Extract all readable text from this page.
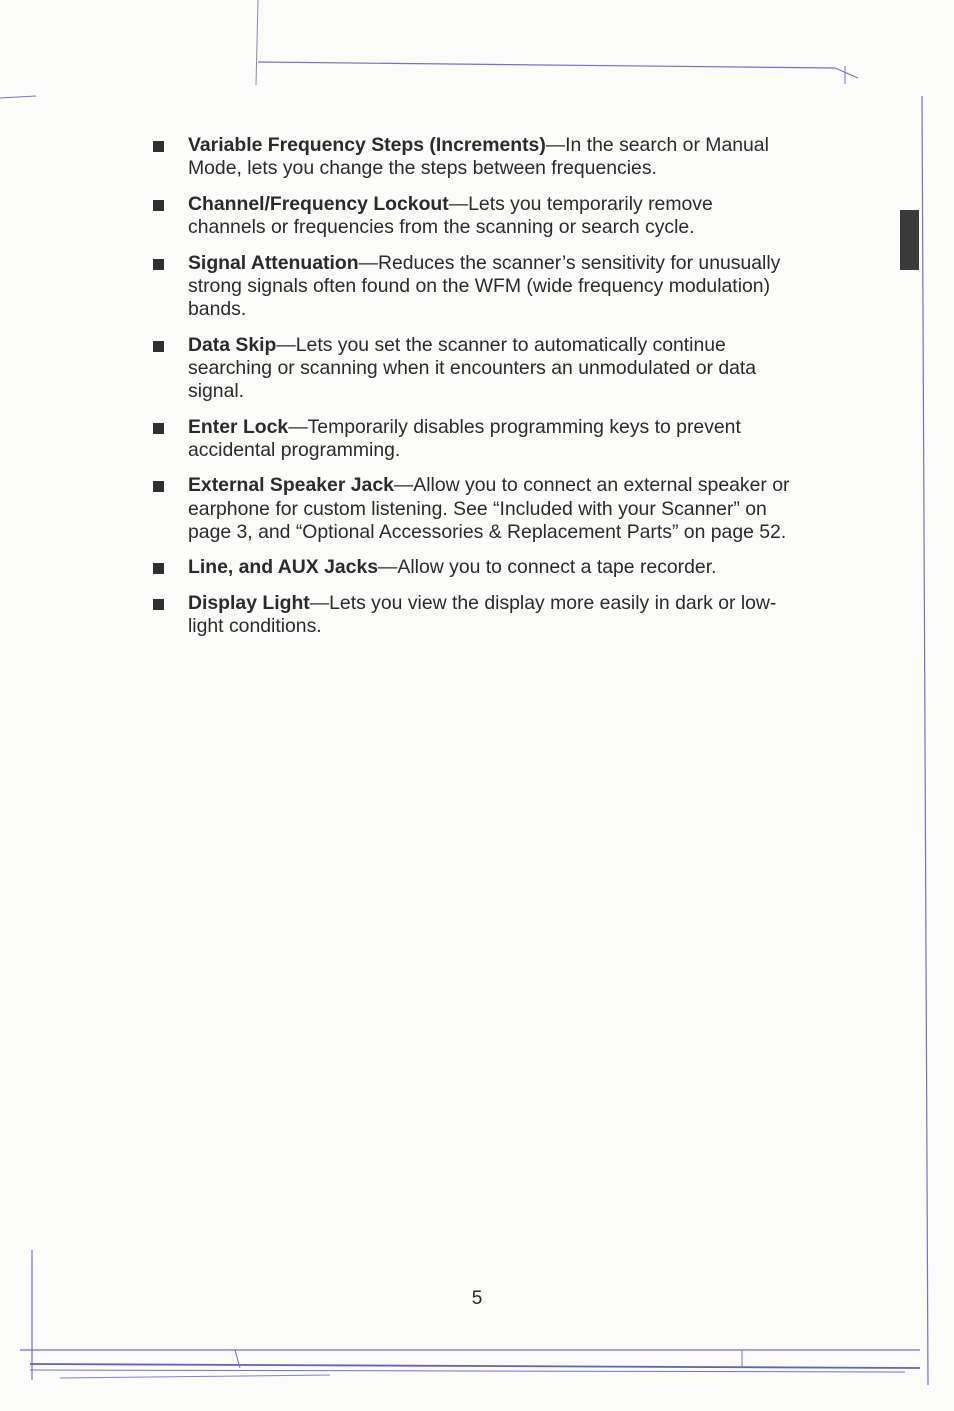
Variable Frequency Steps (Increments)—In the search or Manual Mode, lets you change the steps between frequencies.
Channel/Frequency Lockout—Lets you temporarily remove channels or frequencies from the scanning or search cycle.
Signal Attenuation—Reduces the scanner’s sensitivity for unusually strong signals often found on the WFM (wide frequency modulation) bands.
Data Skip—Lets you set the scanner to automatically continue searching or scanning when it encounters an unmodulated or data signal.
Enter Lock—Temporarily disables programming keys to prevent accidental programming.
External Speaker Jack—Allow you to connect an external speaker or earphone for custom listening. See “Included with your Scanner” on page 3, and “Optional Accessories & Replacement Parts” on page 52.
Line, and AUX Jacks—Allow you to connect a tape recorder.
Display Light—Lets you view the display more easily in dark or low-light conditions.
5
